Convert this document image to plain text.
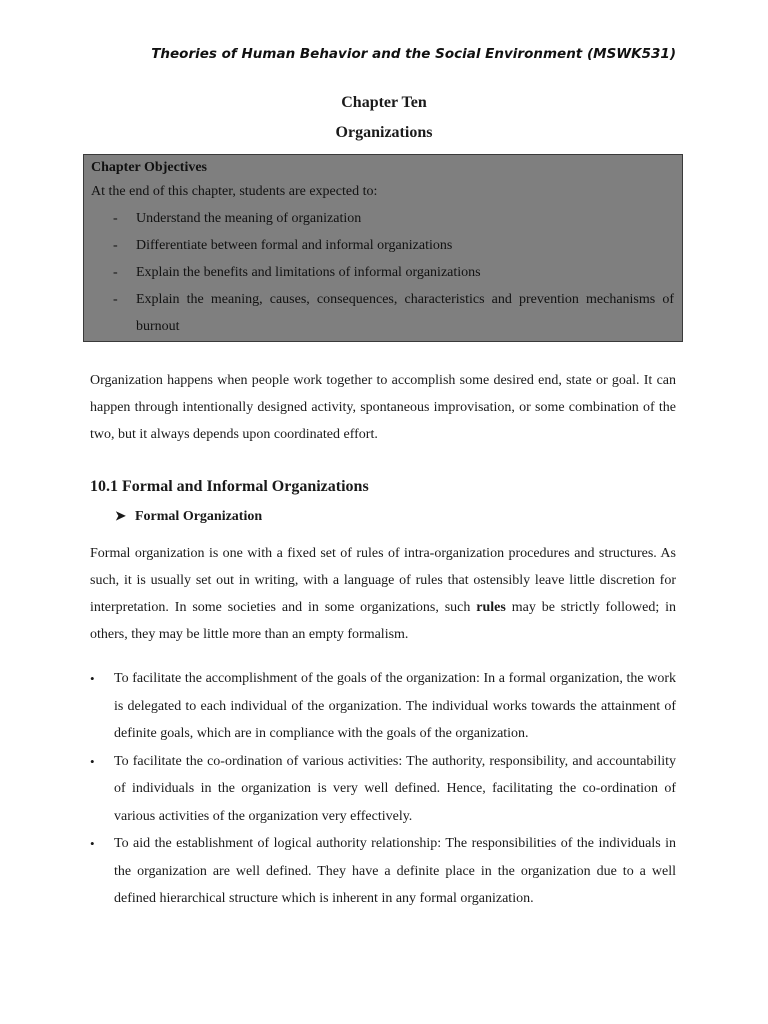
Theories of Human Behavior and the Social Environment (MSWK531)
Chapter Ten
Organizations
Chapter Objectives
At the end of this chapter, students are expected to:
- Understand the meaning of organization
- Differentiate between formal and informal organizations
- Explain the benefits and limitations of informal organizations
- Explain the meaning, causes, consequences, characteristics and prevention mechanisms of burnout
Organization happens when people work together to accomplish some desired end, state or goal. It can happen through intentionally designed activity, spontaneous improvisation, or some combination of the two, but it always depends upon coordinated effort.
10.1 Formal and Informal Organizations
➤ Formal Organization
Formal organization is one with a fixed set of rules of intra-organization procedures and structures. As such, it is usually set out in writing, with a language of rules that ostensibly leave little discretion for interpretation. In some societies and in some organizations, such rules may be strictly followed; in others, they may be little more than an empty formalism.
• To facilitate the accomplishment of the goals of the organization: In a formal organization, the work is delegated to each individual of the organization. The individual works towards the attainment of definite goals, which are in compliance with the goals of the organization.
• To facilitate the co-ordination of various activities: The authority, responsibility, and accountability of individuals in the organization is very well defined. Hence, facilitating the co-ordination of various activities of the organization very effectively.
• To aid the establishment of logical authority relationship: The responsibilities of the individuals in the organization are well defined. They have a definite place in the organization due to a well defined hierarchical structure which is inherent in any formal organization.
